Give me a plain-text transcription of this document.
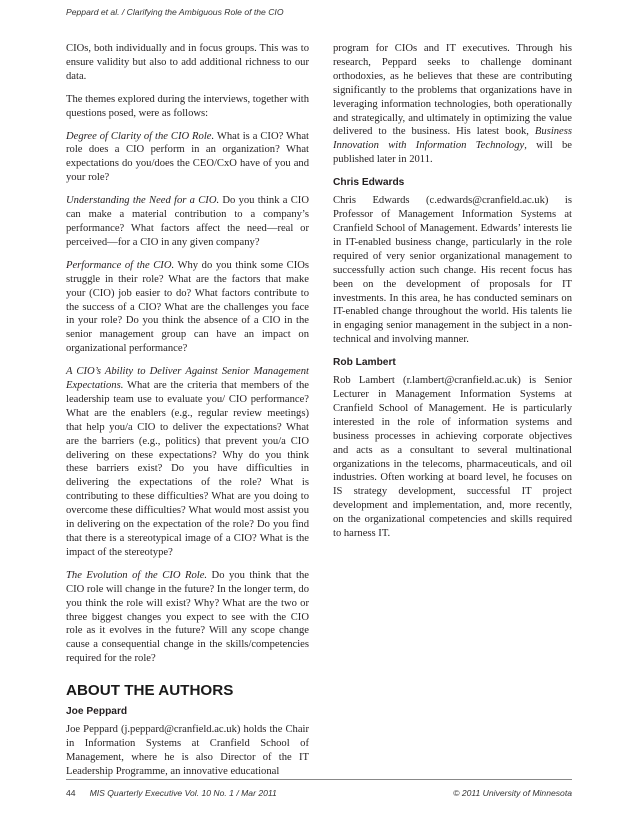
Peppard et al. / Clarifying the Ambiguous Role of the CIO

CIOs, both individually and in focus groups. This was to ensure validity but also to add additional richness to our data.

The themes explored during the interviews, together with questions posed, were as follows:

Degree of Clarity of the CIO Role. What is a CIO? What role does a CIO perform in an organization? What expectations do you/does the CEO/CxO have of you and your role?

Understanding the Need for a CIO. Do you think a CIO can make a material contribution to a company’s performance? What factors affect the need—real or perceived—for a CIO in any given company?

Performance of the CIO. Why do you think some CIOs struggle in their role? What are the factors that make your (CIO) job easier to do? What factors contribute to the success of a CIO? What are the challenges you face in your role? Do you think the absence of a CIO in the senior management group can have an impact on organizational performance?

A CIO’s Ability to Deliver Against Senior Management Expectations. What are the criteria that members of the leadership team use to evaluate you/ CIO performance? What are the enablers (e.g., regular review meetings) that help you/a CIO to deliver the expectations? What are the barriers (e.g., politics) that prevent you/a CIO delivering on these expectations? Why do you think these barriers exist? Do you have difficulties in delivering the expectations of the role? What is contributing to these difficulties? What are you doing to overcome these difficulties? What would most assist you in delivering on the expectation of the role? Do you find that there is a stereotypical image of a CIO? What is the impact of the stereotype?

The Evolution of the CIO Role. Do you think that the CIO role will change in the future? In the longer term, do you think the role will exist? Why? What are the two or three biggest changes you expect to see with the CIO role as it evolves in the future? Will any scope change cause a consequential change in the skills/competencies required for the role?

ABOUT THE AUTHORS
Joe Peppard

Joe Peppard (j.peppard@cranfield.ac.uk) holds the Chair in Information Systems at Cranfield School of Management, where he is also Director of the IT Leadership Programme, an innovative educational

program for CIOs and IT executives. Through his research, Peppard seeks to challenge dominant orthodoxies, as he believes that these are contributing significantly to the problems that organizations have in leveraging information technologies, both operationally and strategically, and ultimately in optimizing the value delivered to the business. His latest book, Business Innovation with Information Technology, will be published later in 2011.

Chris Edwards

Chris Edwards (c.edwards@cranfield.ac.uk) is Professor of Management Information Systems at Cranfield School of Management. Edwards’ interests lie in IT-enabled business change, particularly in the role required of very senior organizational management to successfully action such change. His recent focus has been on the development of proposals for IT investments. In this area, he has conducted seminars on IT-enabled change throughout the world. His talents lie in engaging senior management in the subject in a non-technical and involving manner.

Rob Lambert

Rob Lambert (r.lambert@cranfield.ac.uk) is Senior Lecturer in Management Information Systems at Cranfield School of Management. He is particularly interested in the role of information systems and business processes in achieving corporate objectives and acts as a consultant to several multinational organizations in the telecoms, pharmaceuticals, and oil industries. Often working at board level, he focuses on IS strategy development, successful IT project development and implementation, and, more recently, on the organizational competencies and skills required to harness IT.

44 MIS Quarterly Executive Vol. 10 No. 1 / Mar 2011	© 2011 University of Minnesota
